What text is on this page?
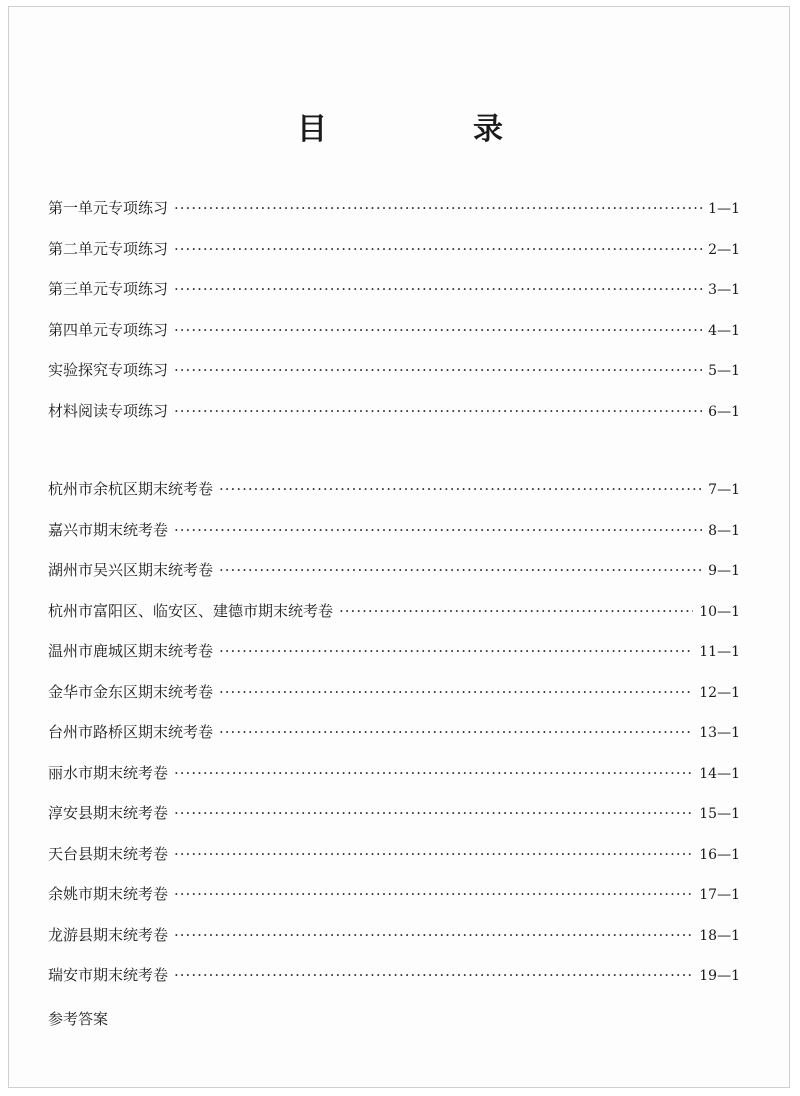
目　录
第一单元专项练习 ·····	1—1
第二单元专项练习 ·····	2—1
第三单元专项练习 ·····	3—1
第四单元专项练习 ·····	4—1
实验探究专项练习 ·····	5—1
材料阅读专项练习 ·····	6—1
杭州市余杭区期末统考卷 ·····	7—1
嘉兴市期末统考卷 ·····	8—1
湖州市吴兴区期末统考卷 ·····	9—1
杭州市富阳区、临安区、建德市期末统考卷 ·····	10—1
温州市鹿城区期末统考卷 ·····	11—1
金华市金东区期末统考卷 ·····	12—1
台州市路桥区期末统考卷 ·····	13—1
丽水市期末统考卷 ·····	14—1
淳安县期末统考卷 ·····	15—1
天台县期末统考卷 ·····	16—1
余姚市期末统考卷 ·····	17—1
龙游县期末统考卷 ·····	18—1
瑞安市期末统考卷 ·····	19—1
参考答案
